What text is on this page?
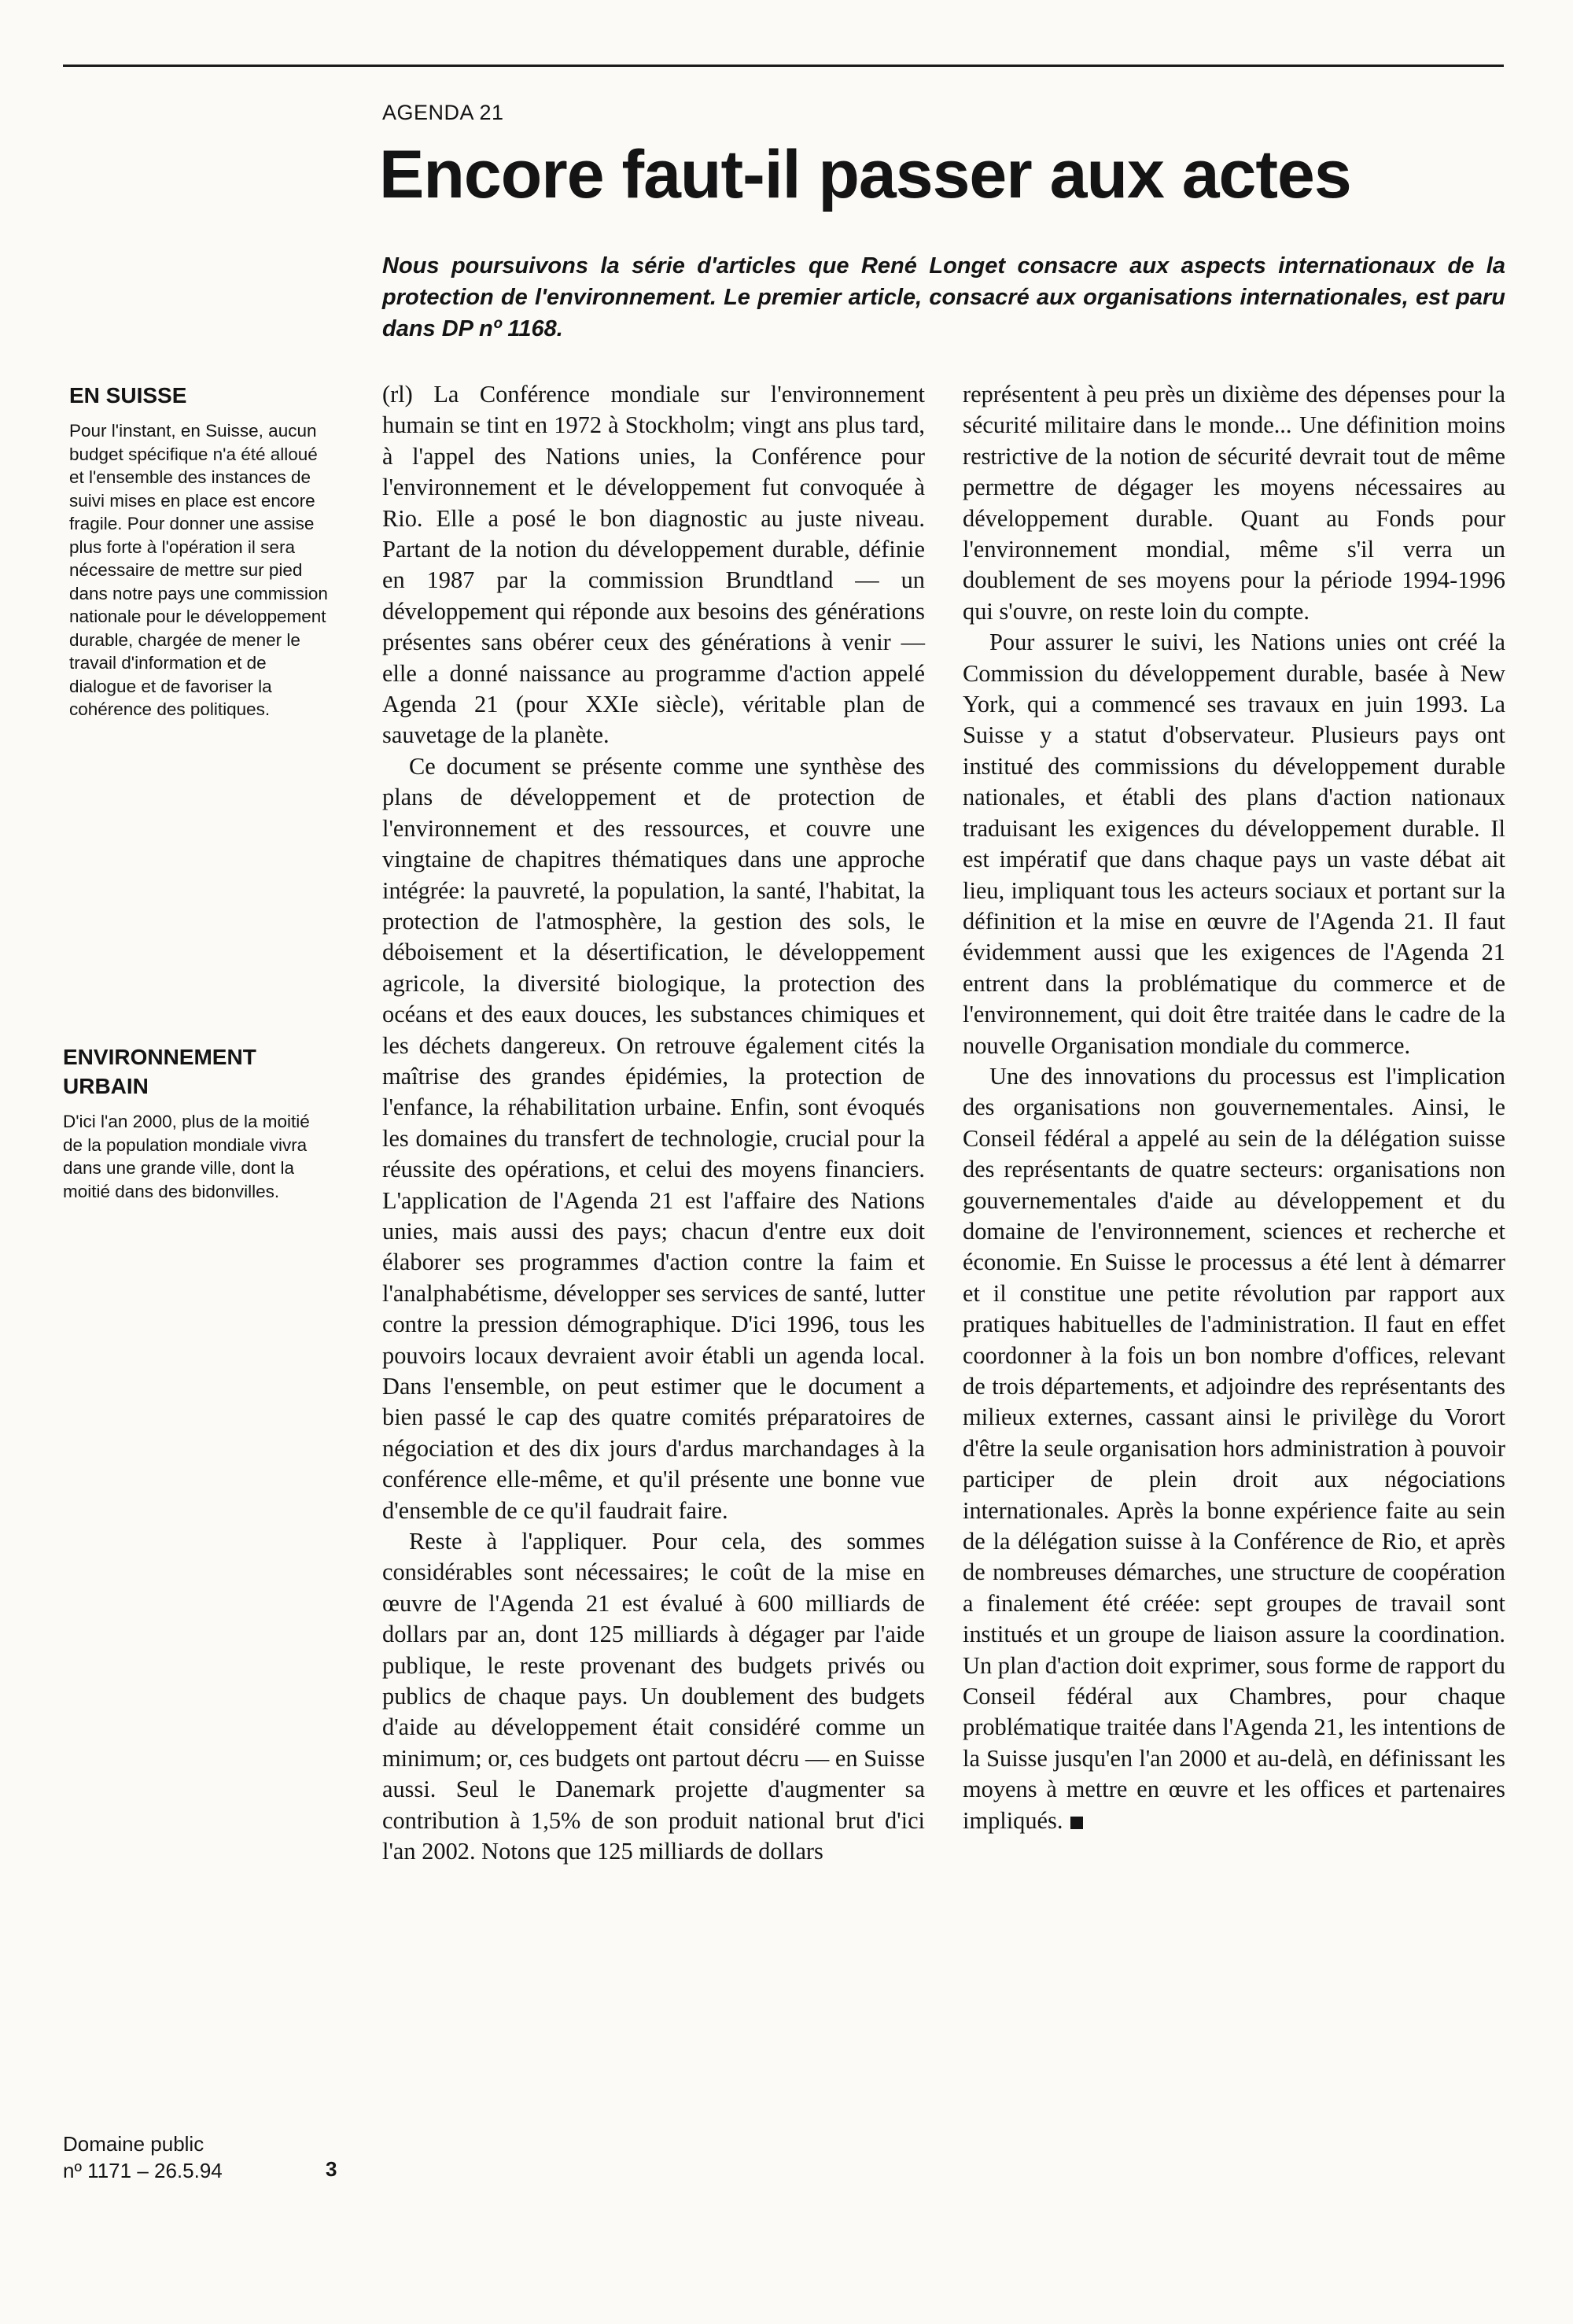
AGENDA 21
Encore faut-il passer aux actes

Nous poursuivons la série d'articles que René Longet consacre aux aspects internationaux de la protection de l'environnement. Le premier article, consacré aux organisations internationales, est paru dans DP nº 1168.

EN SUISSE

Pour l'instant, en Suisse, aucun budget spécifique n'a été alloué et l'ensemble des instances de suivi mises en place est encore fragile. Pour donner une assise plus forte à l'opération il sera nécessaire de mettre sur pied dans notre pays une commission nationale pour le développement durable, chargée de mener le travail d'information et de dialogue et de favoriser la cohérence des politiques.

ENVIRONNEMENT URBAIN

D'ici l'an 2000, plus de la moitié de la population mondiale vivra dans une grande ville, dont la moitié dans des bidonvilles.

(rl) La Conférence mondiale sur l'environnement humain se tint en 1972 à Stockholm; vingt ans plus tard, à l'appel des Nations unies, la Conférence pour l'environnement et le développement fut convoquée à Rio. Elle a posé le bon diagnostic au juste niveau. Partant de la notion du développement durable, définie en 1987 par la commission Brundtland — un développement qui réponde aux besoins des générations présentes sans obérer ceux des générations à venir — elle a donné naissance au programme d'action appelé Agenda 21 (pour XXIe siècle), véritable plan de sauvetage de la planète.

Ce document se présente comme une synthèse des plans de développement et de protection de l'environnement et des ressources, et couvre une vingtaine de chapitres thématiques dans une approche intégrée: la pauvreté, la population, la santé, l'habitat, la protection de l'atmosphère, la gestion des sols, le déboisement et la désertification, le développement agricole, la diversité biologique, la protection des océans et des eaux douces, les substances chimiques et les déchets dangereux. On retrouve également cités la maîtrise des grandes épidémies, la protection de l'enfance, la réhabilitation urbaine. Enfin, sont évoqués les domaines du transfert de technologie, crucial pour la réussite des opérations, et celui des moyens financiers. L'application de l'Agenda 21 est l'affaire des Nations unies, mais aussi des pays; chacun d'entre eux doit élaborer ses programmes d'action contre la faim et l'analphabétisme, développer ses services de santé, lutter contre la pression démographique. D'ici 1996, tous les pouvoirs locaux devraient avoir établi un agenda local. Dans l'ensemble, on peut estimer que le document a bien passé le cap des quatre comités préparatoires de négociation et des dix jours d'ardus marchandages à la conférence elle-même, et qu'il présente une bonne vue d'ensemble de ce qu'il faudrait faire.

Reste à l'appliquer. Pour cela, des sommes considérables sont nécessaires; le coût de la mise en œuvre de l'Agenda 21 est évalué à 600 milliards de dollars par an, dont 125 milliards à dégager par l'aide publique, le reste provenant des budgets privés ou publics de chaque pays. Un doublement des budgets d'aide au développement était considéré comme un minimum; or, ces budgets ont partout décru — en Suisse aussi. Seul le Danemark projette d'augmenter sa contribution à 1,5% de son produit national brut d'ici l'an 2002. Notons que 125 milliards de dollars

représentent à peu près un dixième des dépenses pour la sécurité militaire dans le monde... Une définition moins restrictive de la notion de sécurité devrait tout de même permettre de dégager les moyens nécessaires au développement durable. Quant au Fonds pour l'environnement mondial, même s'il verra un doublement de ses moyens pour la période 1994-1996 qui s'ouvre, on reste loin du compte.

Pour assurer le suivi, les Nations unies ont créé la Commission du développement durable, basée à New York, qui a commencé ses travaux en juin 1993. La Suisse y a statut d'observateur. Plusieurs pays ont institué des commissions du développement durable nationales, et établi des plans d'action nationaux traduisant les exigences du développement durable. Il est impératif que dans chaque pays un vaste débat ait lieu, impliquant tous les acteurs sociaux et portant sur la définition et la mise en œuvre de l'Agenda 21. Il faut évidemment aussi que les exigences de l'Agenda 21 entrent dans la problématique du commerce et de l'environnement, qui doit être traitée dans le cadre de la nouvelle Organisation mondiale du commerce.

Une des innovations du processus est l'implication des organisations non gouvernementales. Ainsi, le Conseil fédéral a appelé au sein de la délégation suisse des représentants de quatre secteurs: organisations non gouvernementales d'aide au développement et du domaine de l'environnement, sciences et recherche et économie. En Suisse le processus a été lent à démarrer et il constitue une petite révolution par rapport aux pratiques habituelles de l'administration. Il faut en effet coordonner à la fois un bon nombre d'offices, relevant de trois départements, et adjoindre des représentants des milieux externes, cassant ainsi le privilège du Vorort d'être la seule organisation hors administration à pouvoir participer de plein droit aux négociations internationales. Après la bonne expérience faite au sein de la délégation suisse à la Conférence de Rio, et après de nombreuses démarches, une structure de coopération a finalement été créée: sept groupes de travail sont institués et un groupe de liaison assure la coordination. Un plan d'action doit exprimer, sous forme de rapport du Conseil fédéral aux Chambres, pour chaque problématique traitée dans l'Agenda 21, les intentions de la Suisse jusqu'en l'an 2000 et au-delà, en définissant les moyens à mettre en œuvre et les offices et partenaires impliqués.

Domaine public
nº 1171 – 26.5.94	3
